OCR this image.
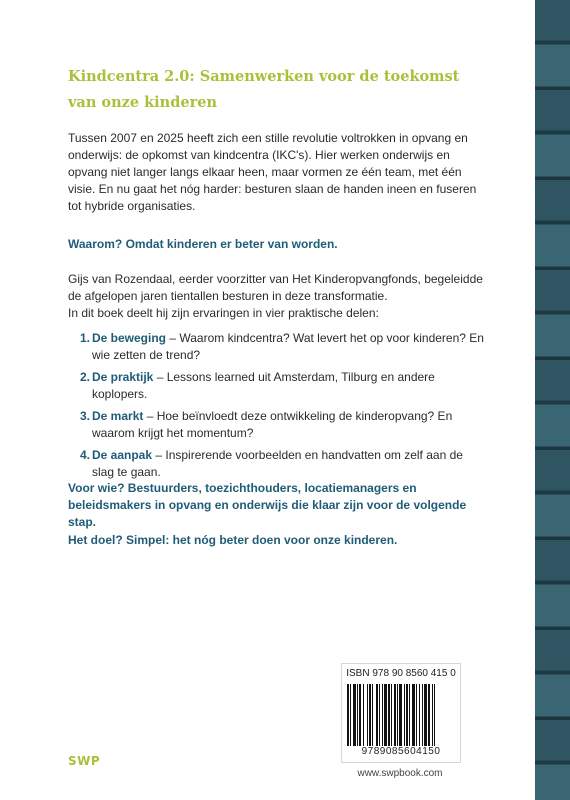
Kindcentra 2.0: Samenwerken voor de toekomst
van onze kinderen

Tussen 2007 en 2025 heeft zich een stille revolutie voltrokken in opvang en onderwijs: de opkomst van kindcentra (IKC's). Hier werken onderwijs en opvang niet langer langs elkaar heen, maar vormen ze één team, met één visie. En nu gaat het nóg harder: besturen slaan de handen ineen en fuseren tot hybride organisaties.

Waarom? Omdat kinderen er beter van worden.

Gijs van Rozendaal, eerder voorzitter van Het Kinderopvangfonds, begeleidde de afgelopen jaren tientallen besturen in deze transformatie.

In dit boek deelt hij zijn ervaringen in vier praktische delen:

1. De beweging – Waarom kindcentra? Wat levert het op voor kinderen? En wie zetten de trend?

2. De praktijk – Lessons learned uit Amsterdam, Tilburg en andere koplopers.

3. De markt – Hoe beïnvloedt deze ontwikkeling de kinderopvang? En waarom krijgt het momentum?

4. De aanpak – Inspirerende voorbeelden en handvatten om zelf aan de slag te gaan.

Voor wie? Bestuurders, toezichthouders, locatiemanagers en beleidsmakers in opvang en onderwijs die klaar zijn voor de volgende stap.

Het doel? Simpel: het nóg beter doen voor onze kinderen.

SWP
ISBN 978 90 8560 415 0
9789085604150
www.swpbook.com
